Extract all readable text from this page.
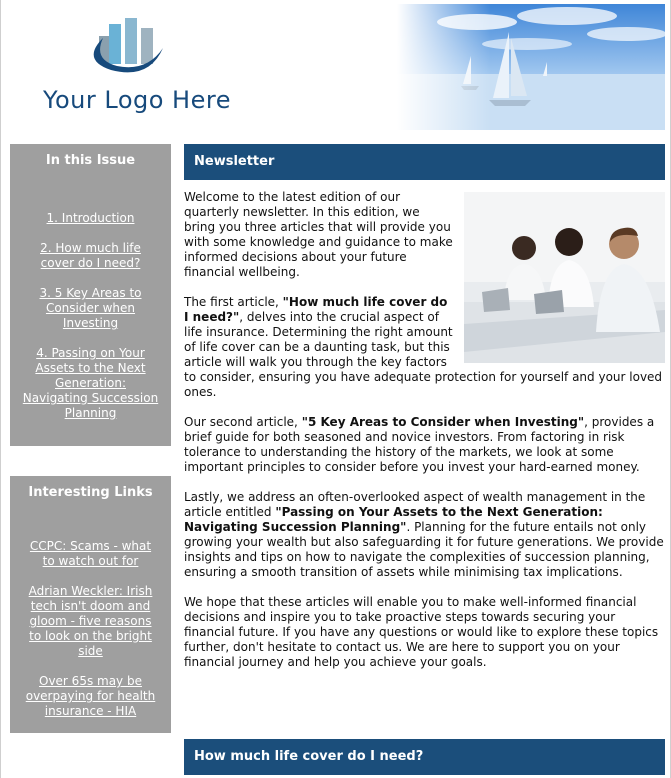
Your Logo Here
In this Issue
1. Introduction
2. How much life cover do I need?
3. 5 Key Areas to Consider when Investing
4. Passing on Your Assets to the Next Generation: Navigating Succession Planning
Interesting Links
CCPC: Scams - what to watch out for
Adrian Weckler: Irish tech isn't doom and gloom - five reasons to look on the bright side
Over 65s may be overpaying for health insurance - HIA
Newsletter

Welcome to the latest edition of our quarterly newsletter. In this edition, we bring you three articles that will provide you with some knowledge and guidance to make informed decisions about your future financial wellbeing.

The first article, "How much life cover do I need?", delves into the crucial aspect of life insurance. Determining the right amount of life cover can be a daunting task, but this article will walk you through the key factors to consider, ensuring you have adequate protection for yourself and your loved ones.

Our second article, "5 Key Areas to Consider when Investing", provides a brief guide for both seasoned and novice investors. From factoring in risk tolerance to understanding the history of the markets, we look at some important principles to consider before you invest your hard-earned money.

Lastly, we address an often-overlooked aspect of wealth management in the article entitled "Passing on Your Assets to the Next Generation: Navigating Succession Planning". Planning for the future entails not only growing your wealth but also safeguarding it for future generations. We provide insights and tips on how to navigate the complexities of succession planning, ensuring a smooth transition of assets while minimising tax implications.

We hope that these articles will enable you to make well-informed financial decisions and inspire you to take proactive steps towards securing your financial future. If you have any questions or would like to explore these topics further, don't hesitate to contact us. We are here to support you on your financial journey and help you achieve your goals.

How much life cover do I need?
